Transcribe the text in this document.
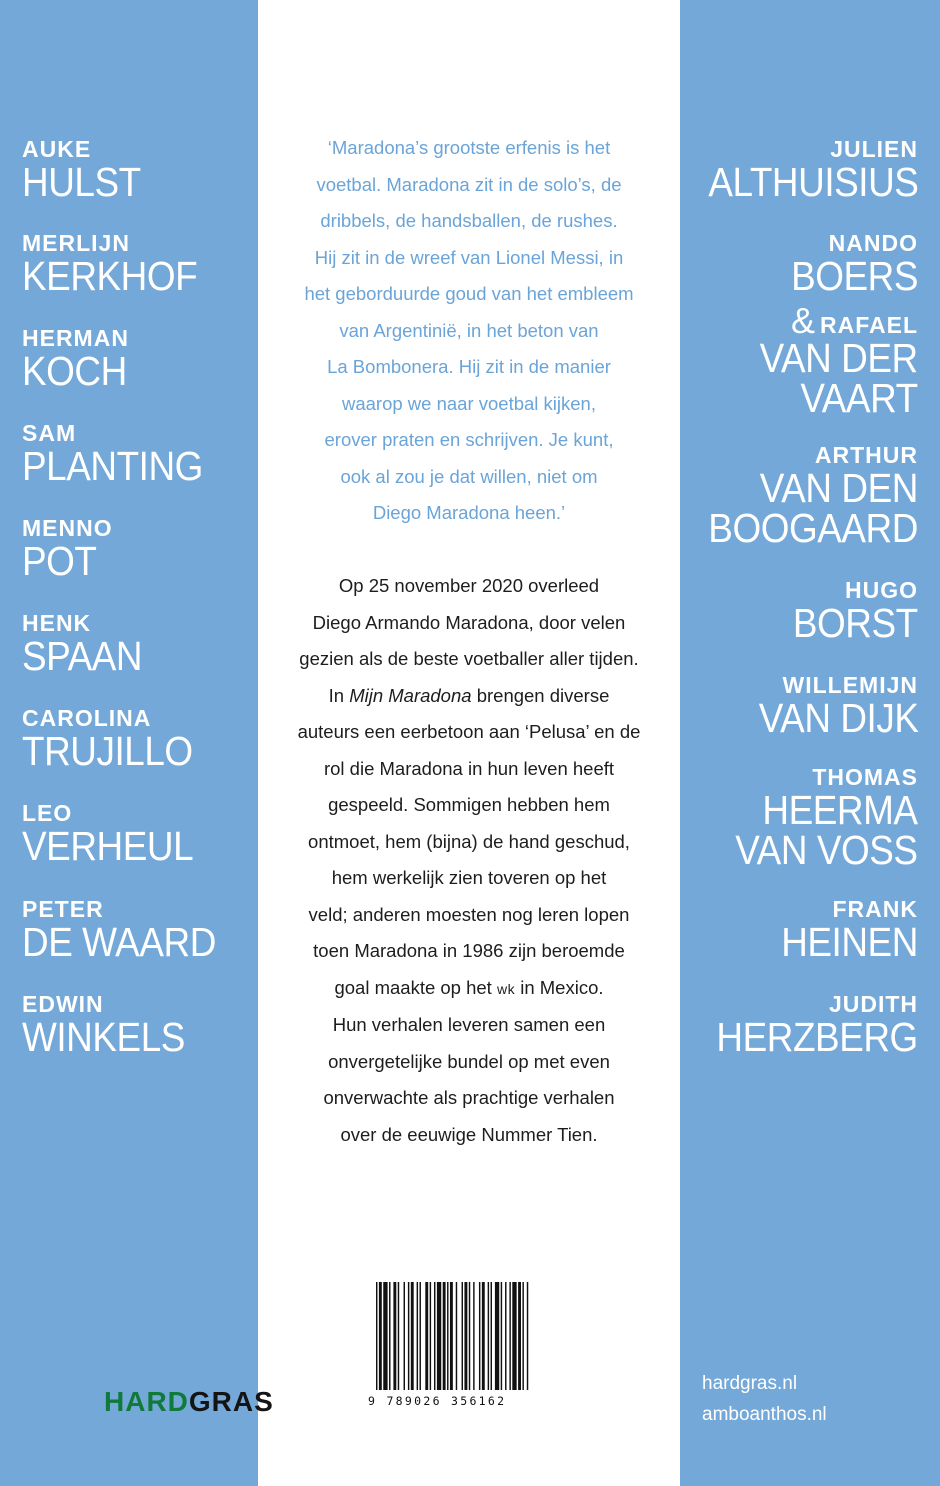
JULIEN
ALTHUISIUS
NANDO
BOERS
& RAFAEL
VAN DER
VAART
ARTHUR
VAN DEN
BOOGAARD
HUGO
BORST
WILLEMIJN
VAN DIJK
THOMAS
HEERMA
VAN VOSS
FRANK
HEINEN
JUDITH
HERZBERG
AUKE
HULST
MERLIJN
KERKHOF
HERMAN
KOCH
SAM
PLANTING
MENNO
POT
HENK
SPAAN
CAROLINA
TRUJILLO
LEO
VERHEUL
PETER
DE WAARD
EDWIN
WINKELS
‘Maradona’s grootste erfenis is het
voetbal. Maradona zit in de solo’s, de
dribbels, de handsballen, de rushes.
Hij zit in de wreef van Lionel Messi, in
het geborduurde goud van het embleem
van Argentinië, in het beton van
La Bombonera. Hij zit in de manier
waarop we naar voetbal kijken,
erover praten en schrijven. Je kunt,
ook al zou je dat willen, niet om
Diego Maradona heen.’
Op 25 november 2020 overleed
Diego Armando Maradona, door velen
gezien als de beste voetballer aller tijden.
In Mijn Maradona brengen diverse
auteurs een eerbetoon aan ‘Pelusa’ en de
rol die Maradona in hun leven heeft
gespeeld. Sommigen hebben hem
ontmoet, hem (bijna) de hand geschud,
hem werkelijk zien toveren op het
veld; anderen moesten nog leren lopen
toen Maradona in 1986 zijn beroemde
goal maakte op het wk in Mexico.
Hun verhalen leveren samen een
onvergetelijke bundel op met even
onverwachte als prachtige verhalen
over de eeuwige Nummer Tien.
9 789026 356162
HARDGRAS
hardgras.nl
amboanthos.nl
